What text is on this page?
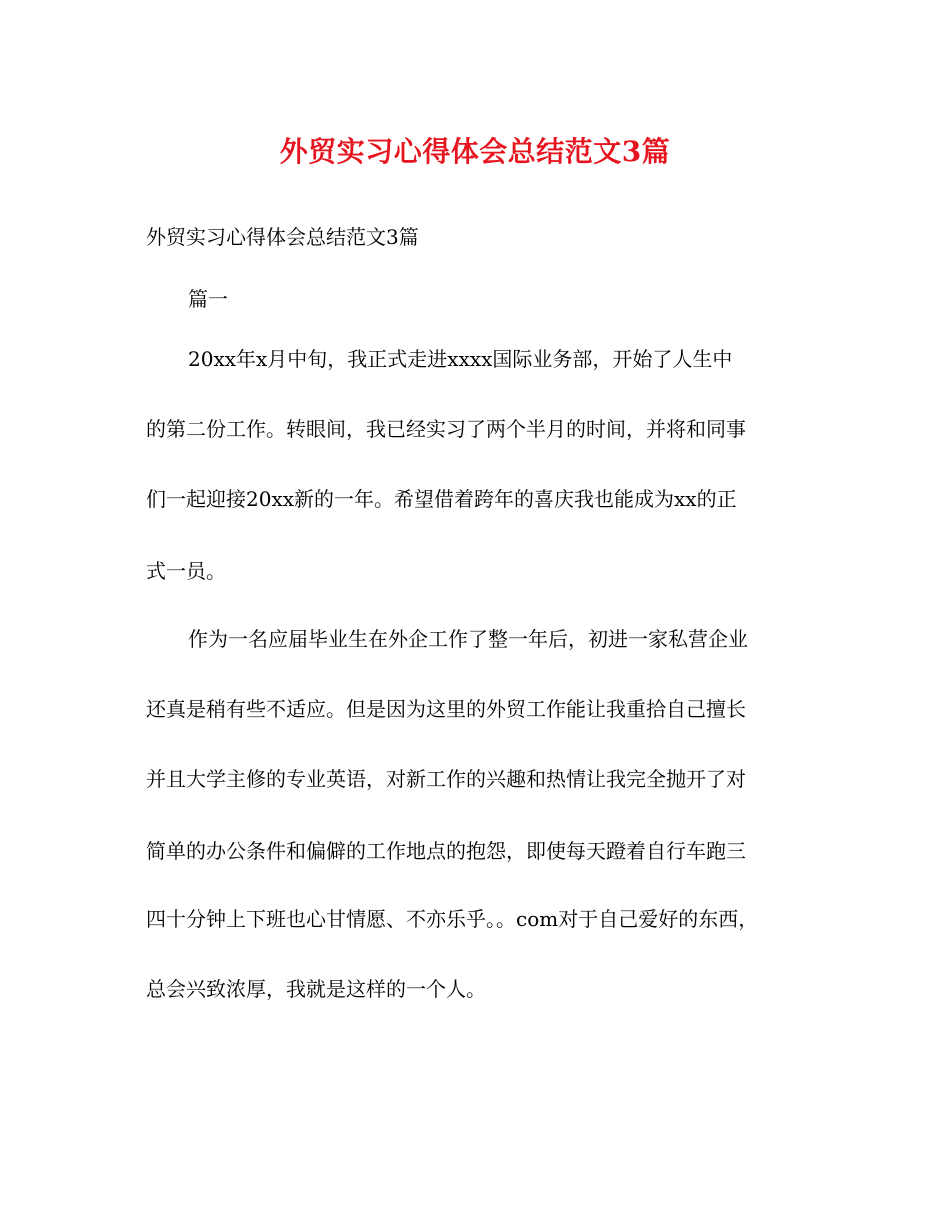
外贸实习心得体会总结范文3篇
外贸实习心得体会总结范文3篇
篇一
20xx年x月中旬，我正式走进xxxx国际业务部，开始了人生中
的第二份工作。转眼间，我已经实习了两个半月的时间，并将和同事
们一起迎接20xx新的一年。希望借着跨年的喜庆我也能成为xx的正
式一员。
作为一名应届毕业生在外企工作了整一年后，初进一家私营企业
还真是稍有些不适应。但是因为这里的外贸工作能让我重拾自己擅长
并且大学主修的专业英语，对新工作的兴趣和热情让我完全抛开了对
简单的办公条件和偏僻的工作地点的抱怨，即使每天蹬着自行车跑三
四十分钟上下班也心甘情愿、不亦乐乎。。com对于自己爱好的东西，
总会兴致浓厚，我就是这样的一个人。
